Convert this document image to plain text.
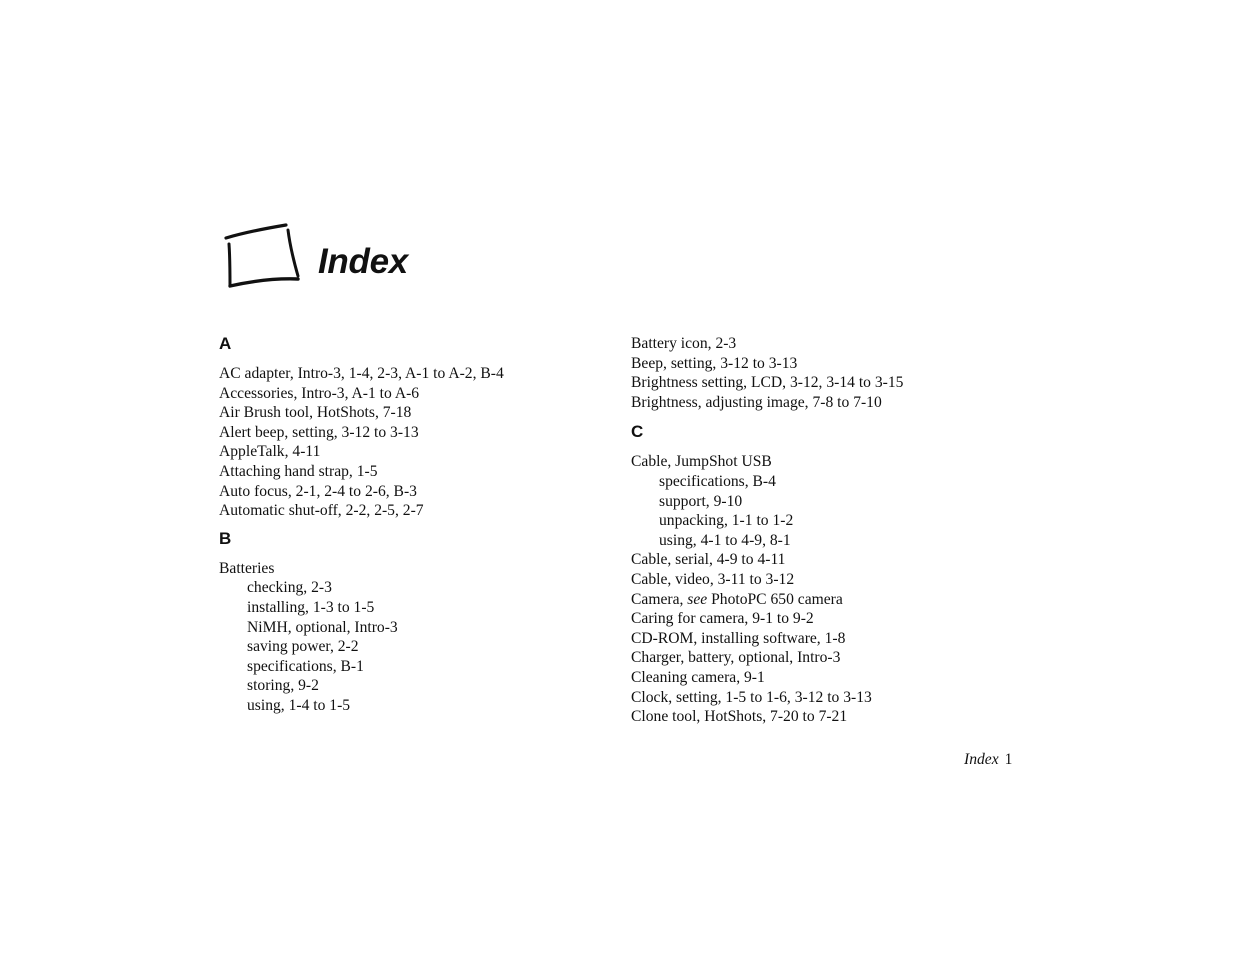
Index
A
AC adapter, Intro-3, 1-4, 2-3, A-1 to A-2, B-4
Accessories, Intro-3, A-1 to A-6
Air Brush tool, HotShots, 7-18
Alert beep, setting, 3-12 to 3-13
AppleTalk, 4-11
Attaching hand strap, 1-5
Auto focus, 2-1, 2-4 to 2-6, B-3
Automatic shut-off, 2-2, 2-5, 2-7
B
Batteries
checking, 2-3
installing, 1-3 to 1-5
NiMH, optional, Intro-3
saving power, 2-2
specifications, B-1
storing, 9-2
using, 1-4 to 1-5
Battery icon, 2-3
Beep, setting, 3-12 to 3-13
Brightness setting, LCD, 3-12, 3-14 to 3-15
Brightness, adjusting image, 7-8 to 7-10
C
Cable, JumpShot USB
specifications, B-4
support, 9-10
unpacking, 1-1 to 1-2
using, 4-1 to 4-9, 8-1
Cable, serial, 4-9 to 4-11
Cable, video, 3-11 to 3-12
Camera, see PhotoPC 650 camera
Caring for camera, 9-1 to 9-2
CD-ROM, installing software, 1-8
Charger, battery, optional, Intro-3
Cleaning camera, 9-1
Clock, setting, 1-5 to 1-6, 3-12 to 3-13
Clone tool, HotShots, 7-20 to 7-21
Index 1
